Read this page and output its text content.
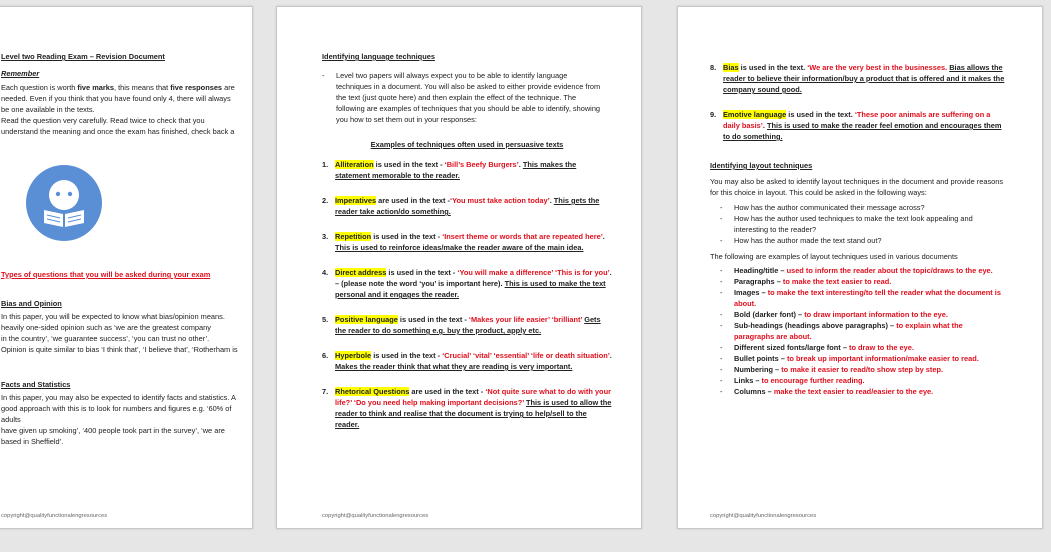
Level two Reading Exam – Revision Document
Remember
Each question is worth five marks, this means that five responses are
needed. Even if you think that you have found only 4, there will always
be one available in the texts.
Read the question very carefully. Read twice to check that you
understand the meaning and once the exam has finished, check back a
Types of questions that you will be asked during your exam
Bias and Opinion
In this paper, you will be expected to know what bias/opinion means.
heavily one-sided opinion such as ‘we are the greatest company
in the country’, ‘we guarantee success’, ‘you can trust no other’.
Opinion is quite similar to bias ‘I think that’, ‘I believe that’, ‘Rotherham is
Facts and Statistics
In this paper, you may also be expected to identify facts and statistics. A
good approach with this is to look for numbers and figures e.g. ‘60% of adults
have given up smoking’, ‘400 people took part in the survey’, ‘we are
based in Sheffield’.
copyright@qualityfunctionalengresources
Identifying language techniques
-	Level two papers will always expect you to be able to identify language techniques in a document. You will also be asked to either provide evidence from the text (just quote here) and then explain the effect of the technique. The following are examples of techniques that you should be able to identify, showing you how to set them out in your responses:
Examples of techniques often used in persuasive texts
1. Alliteration is used in the text - ‘Bill’s Beefy Burgers’. This makes the statement memorable to the reader.
2. Imperatives are used in the text -‘You must take action today’. This gets the reader take action/do something.
3. Repetition is used in the text - ‘Insert theme or words that are repeated here’. This is used to reinforce ideas/make the reader aware of the main idea.
4. Direct address is used in the text - ‘You will make a difference’ ‘This is for you’. – (please note the word ‘you’ is important here). This is used to make the text personal and it engages the reader.
5. Positive language is used in the text - ‘Makes your life easier’ ‘brilliant’ Gets the reader to do something e.g. buy the product, apply etc.
6. Hyperbole is used in the text - ‘Crucial’ ‘vital’ ‘essential’ ‘life or death situation’. Makes the reader think that what they are reading is very important.
7. Rhetorical Questions are used in the text - ‘Not quite sure what to do with your life?’ ‘Do you need help making important decisions?’ This is used to allow the reader to think and realise that the document is trying to help/sell to the reader.
copyright@qualityfunctionalengresources
8. Bias is used in the text. ‘We are the very best in the businesses. Bias allows the reader to believe their information/buy a product that is offered and it makes the company sound good.
9. Emotive language is used in the text. ‘These poor animals are suffering on a daily basis’. This is used to make the reader feel emotion and encourages them to do something.
Identifying layout techniques
You may also be asked to identify layout techniques in the document and provide reasons for this choice in layout. This could be asked in the following ways:
-	How has the author communicated their message across?
-	How has the author used techniques to make the text look appealing and interesting to the reader?
-	How has the author made the text stand out?
The following are examples of layout techniques used in various documents
-	Heading/title – used to inform the reader about the topic/draws to the eye.
-	Paragraphs – to make the text easier to read.
-	Images – to make the text interesting/to tell the reader what the document is about.
-	Bold (darker font) – to draw important information to the eye.
-	Sub-headings (headings above paragraphs) – to explain what the paragraphs are about.
-	Different sized fonts/large font – to draw to the eye.
-	Bullet points – to break up important information/make easier to read.
-	Numbering – to make it easier to read/to show step by step.
-	Links – to encourage further reading.
-	Columns – make the text easier to read/easier to the eye.
copyright@qualityfunctionalengresources
